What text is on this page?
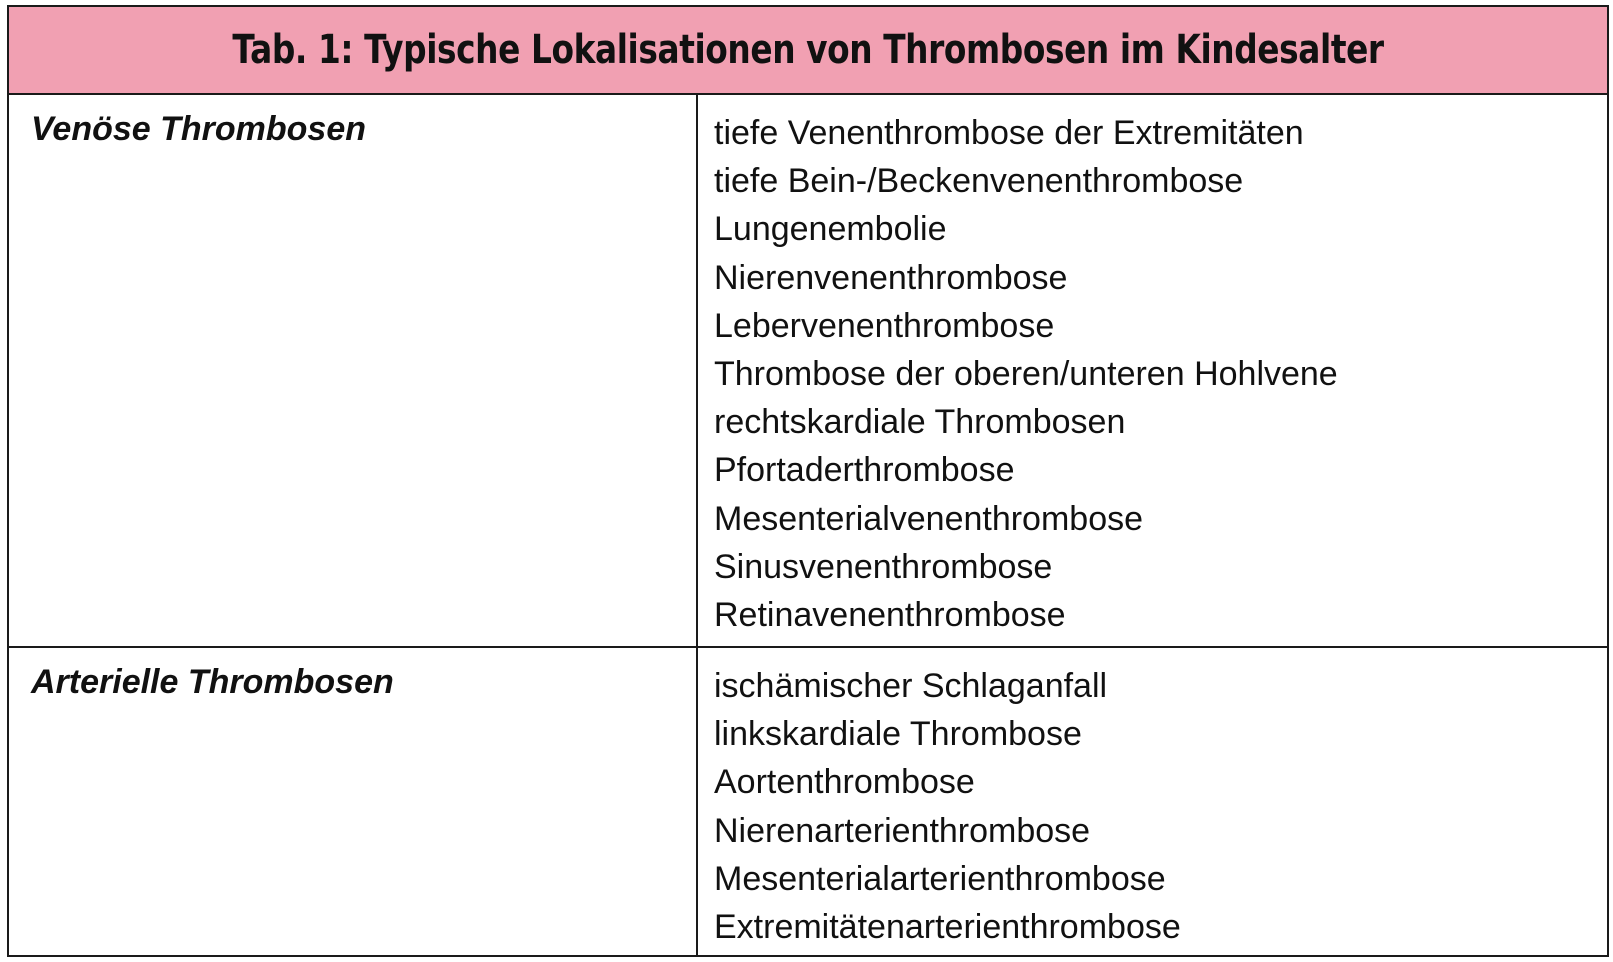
Tab. 1: Typische Lokalisationen von Thrombosen im Kindesalter
Venöse Thrombosen	tiefe Venenthrombose der Extremitäten
tiefe Bein-/Beckenvenenthrombose
Lungenembolie
Nierenvenenthrombose
Lebervenenthrombose
Thrombose der oberen/unteren Hohlvene
rechtskardiale Thrombosen
Pfortaderthrombose
Mesenterialvenenthrombose
Sinusvenenthrombose
Retinavenenthrombose
Arterielle Thrombosen	ischämischer Schlaganfall
linkskardiale Thrombose
Aortenthrombose
Nierenarterienthrombose
Mesenterialarterienthrombose
Extremitätenarterienthrombose
